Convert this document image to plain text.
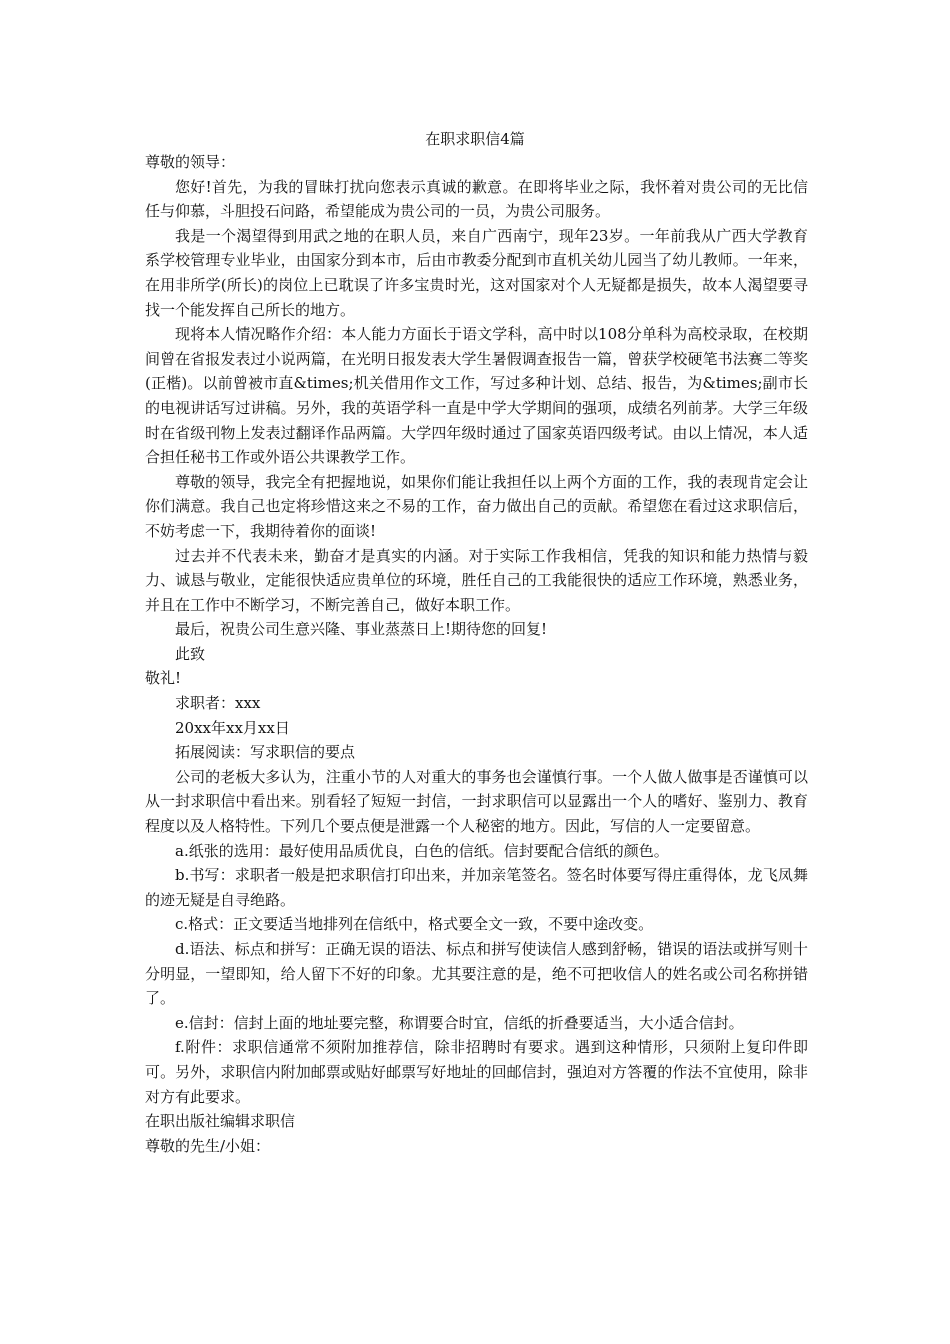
在职求职信4篇

尊敬的领导：

您好!首先，为我的冒昧打扰向您表示真诚的歉意。在即将毕业之际，我怀着对贵公司的无比信任与仰慕，斗胆投石问路，希望能成为贵公司的一员，为贵公司服务。

我是一个渴望得到用武之地的在职人员，来自广西南宁，现年23岁。一年前我从广西大学教育系学校管理专业毕业，由国家分到本市，后由市教委分配到市直机关幼儿园当了幼儿教师。一年来，在用非所学(所长)的岗位上已耽误了许多宝贵时光，这对国家对个人无疑都是损失，故本人渴望要寻找一个能发挥自己所长的地方。

现将本人情况略作介绍：本人能力方面长于语文学科，高中时以108分单科为高校录取，在校期间曾在省报发表过小说两篇，在光明日报发表大学生暑假调查报告一篇，曾获学校硬笔书法赛二等奖(正楷)。以前曾被市直&times;机关借用作文工作，写过多种计划、总结、报告，为&times;副市长的电视讲话写过讲稿。另外，我的英语学科一直是中学大学期间的强项，成绩名列前茅。大学三年级时在省级刊物上发表过翻译作品两篇。大学四年级时通过了国家英语四级考试。由以上情况，本人适合担任秘书工作或外语公共课教学工作。

尊敬的领导，我完全有把握地说，如果你们能让我担任以上两个方面的工作，我的表现肯定会让你们满意。我自己也定将珍惜这来之不易的工作，奋力做出自己的贡献。希望您在看过这求职信后，不妨考虑一下，我期待着你的面谈!

过去并不代表未来，勤奋才是真实的内涵。对于实际工作我相信，凭我的知识和能力热情与毅力、诚恳与敬业，定能很快适应贵单位的环境，胜任自己的工我能很快的适应工作环境，熟悉业务，并且在工作中不断学习，不断完善自己，做好本职工作。

最后，祝贵公司生意兴隆、事业蒸蒸日上!期待您的回复!

此致

敬礼!

求职者：xxx

20xx年xx月xx日

拓展阅读：写求职信的要点

公司的老板大多认为，注重小节的人对重大的事务也会谨慎行事。一个人做人做事是否谨慎可以从一封求职信中看出来。别看轻了短短一封信，一封求职信可以显露出一个人的嗜好、鉴别力、教育程度以及人格特性。下列几个要点便是泄露一个人秘密的地方。因此，写信的人一定要留意。

a.纸张的选用：最好使用品质优良，白色的信纸。信封要配合信纸的颜色。

b.书写：求职者一般是把求职信打印出来，并加亲笔签名。签名时体要写得庄重得体，龙飞凤舞的迹无疑是自寻绝路。

c.格式：正文要适当地排列在信纸中，格式要全文一致，不要中途改变。

d.语法、标点和拼写：正确无误的语法、标点和拼写使读信人感到舒畅，错误的语法或拼写则十分明显，一望即知，给人留下不好的印象。尤其要注意的是，绝不可把收信人的姓名或公司名称拼错了。

e.信封：信封上面的地址要完整，称谓要合时宜，信纸的折叠要适当，大小适合信封。

f.附件：求职信通常不须附加推荐信，除非招聘时有要求。遇到这种情形，只须附上复印件即可。另外，求职信内附加邮票或贴好邮票写好地址的回邮信封，强迫对方答覆的作法不宜使用，除非对方有此要求。

在职出版社编辑求职信

尊敬的先生/小姐：
